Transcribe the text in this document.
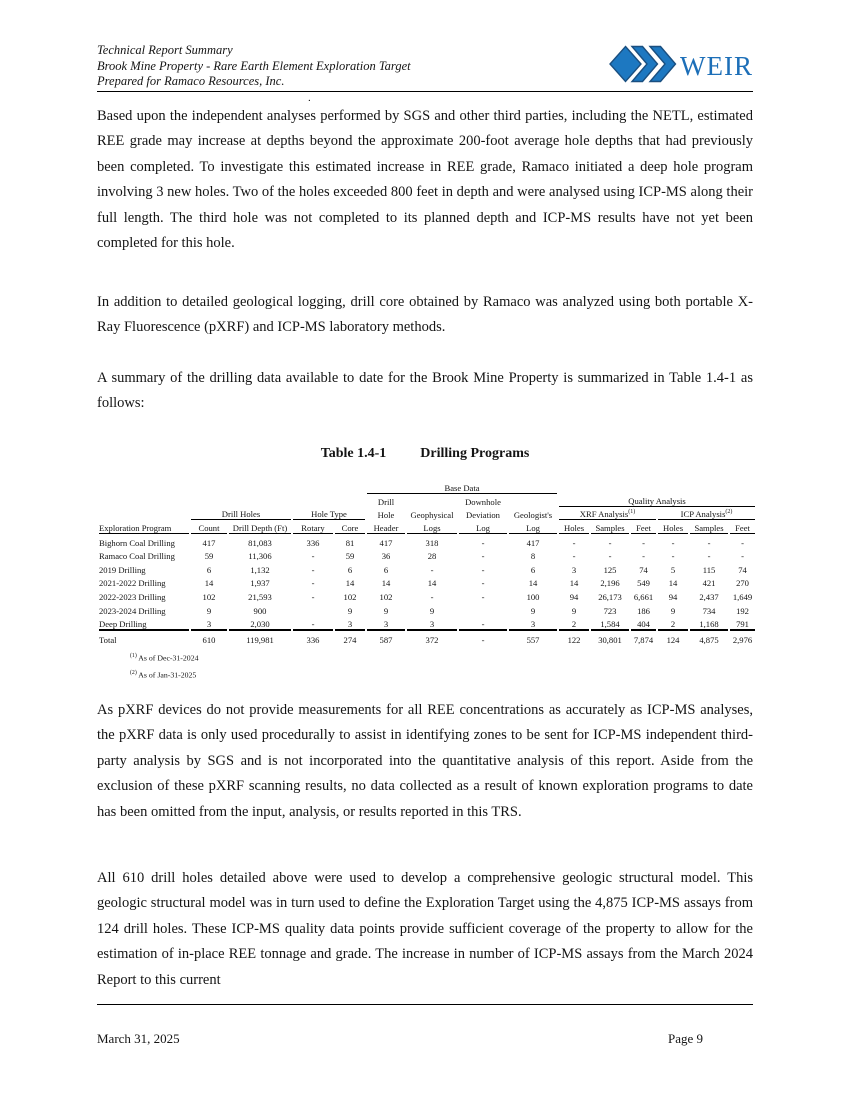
Technical Report Summary
Brook Mine Property - Rare Earth Element Exploration Target
Prepared for Ramaco Resources, Inc.	WEIR
.

Based upon the independent analyses performed by SGS and other third parties, including the NETL, estimated REE grade may increase at depths beyond the approximate 200-foot average hole depths that had previously been completed. To investigate this estimated increase in REE grade, Ramaco initiated a deep hole program involving 3 new holes. Two of the holes exceeded 800 feet in depth and were analysed using ICP-MS along their full length. The third hole was not completed to its planned depth and ICP-MS results have not yet been completed for this hole.

In addition to detailed geological logging, drill core obtained by Ramaco was analyzed using both portable X-Ray Fluorescence (pXRF) and ICP-MS laboratory methods.

A summary of the drilling data available to date for the Brook Mine Property is summarized in Table 1.4-1 as follows:

Table 1.4-1 Drilling Programs
					Base Data									
					Drill		Downhole		Quality Analysis					
	Drill Holes		Hole Type		Hole	Geophysical	Deviation	Geologist's	XRF Analysis$^{(1)}$			ICP Analysis$^{(2)}$
Exploration Program	Count	Drill Depth (Ft)	Rotary	Core	Header	Logs	Log	Log	Holes	Samples	Feet	Holes	Samples	Feet
Bighorn Coal Drilling	417	81,083	336	81	417	318	-	417	-	-	-	-	-	-
Ramaco Coal Drilling	59	11,306	-	59	36	28	-	8	-	-	-	-	-	-
2019 Drilling	6	1,132	-	6	6	-	-	6	3	125	74	5	115	74
2021-2022 Drilling	14	1,937	-	14	14	14	-	14	14	2,196	549	14	421	270
2022-2023 Drilling	102	21,593	-	102	102	-	-	100	94	26,173	6,661	94	2,437	1,649
2023-2024 Drilling	9	900		9	9	9		9	9	723	186	9	734	192
Deep Drilling	3	2,030	-	3	3	3	-	3	2	1,584	404	2	1,168	791
Total	610	119,981	336	274	587	372	-	557	122	30,801	7,874	124	4,875	2,976
$^{(1)}$ As of Dec-31-2024
$^{(2)}$ As of Jan-31-2025

As pXRF devices do not provide measurements for all REE concentrations as accurately as ICP-MS analyses, the pXRF data is only used procedurally to assist in identifying zones to be sent for ICP-MS independent third-party analysis by SGS and is not incorporated into the quantitative analysis of this report. Aside from the exclusion of these pXRF scanning results, no data collected as a result of known exploration programs to date has been omitted from the input, analysis, or results reported in this TRS.

All 610 drill holes detailed above were used to develop a comprehensive geologic structural model. This geologic structural model was in turn used to define the Exploration Target using the 4,875 ICP-MS assays from 124 drill holes. These ICP-MS quality data points provide sufficient coverage of the property to allow for the estimation of in-place REE tonnage and grade. The increase in number of ICP-MS assays from the March 2024 Report to this current

March 31, 2025	Page 9
